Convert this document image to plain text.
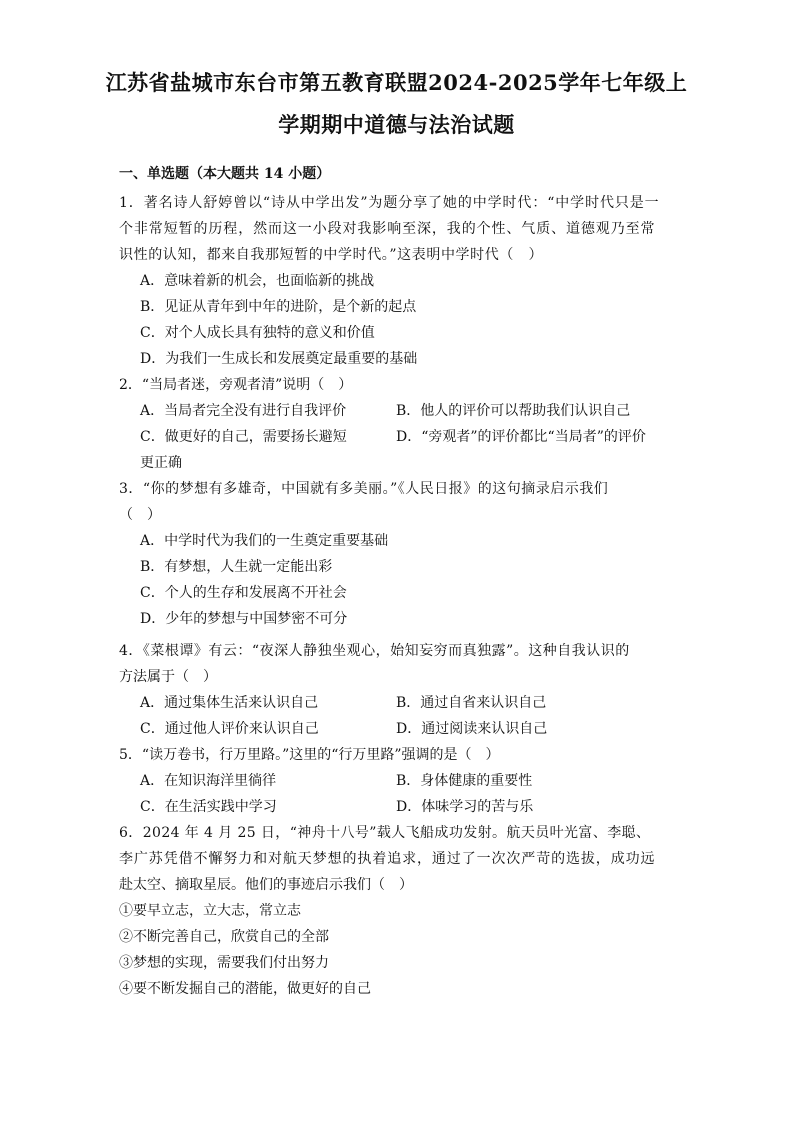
江苏省盐城市东台市第五教育联盟2024-2025学年七年级上
学期期中道德与法治试题
一、单选题（本大题共 14 小题）
1．著名诗人舒婷曾以“诗从中学出发”为题分享了她的中学时代：“中学时代只是一
个非常短暂的历程，然而这一小段对我影响至深，我的个性、气质、道德观乃至常
识性的认知，都来自我那短暂的中学时代。”这表明中学时代（　）
A．意味着新的机会，也面临新的挑战
B．见证从青年到中年的进阶，是个新的起点
C．对个人成长具有独特的意义和价值
D．为我们一生成长和发展奠定最重要的基础
2．“当局者迷，旁观者清”说明（　）
A．当局者完全没有进行自我评价	B．他人的评价可以帮助我们认识自己
C．做更好的自己，需要扬长避短	D．“旁观者”的评价都比“当局者”的评价
更正确
3．“你的梦想有多雄奇，中国就有多美丽。”《人民日报》的这句摘录启示我们
（　）
A．中学时代为我们的一生奠定重要基础
B．有梦想，人生就一定能出彩
C．个人的生存和发展离不开社会
D．少年的梦想与中国梦密不可分
4．《菜根谭》有云：“夜深人静独坐观心，始知妄穷而真独露”。这种自我认识的
方法属于（　）
A．通过集体生活来认识自己	B．通过自省来认识自己
C．通过他人评价来认识自己	D．通过阅读来认识自己
5．“读万卷书，行万里路。”这里的“行万里路”强调的是（　）
A．在知识海洋里徜徉	B．身体健康的重要性
C．在生活实践中学习	D．体味学习的苦与乐
6．2024 年 4 月 25 日，“神舟十八号”载人飞船成功发射。航天员叶光富、李聪、
李广苏凭借不懈努力和对航天梦想的执着追求，通过了一次次严苛的选拔，成功远
赴太空、摘取星辰。他们的事迹启示我们（　）
①要早立志，立大志，常立志
②不断完善自己，欣赏自己的全部
③梦想的实现，需要我们付出努力
④要不断发掘自己的潜能，做更好的自己
